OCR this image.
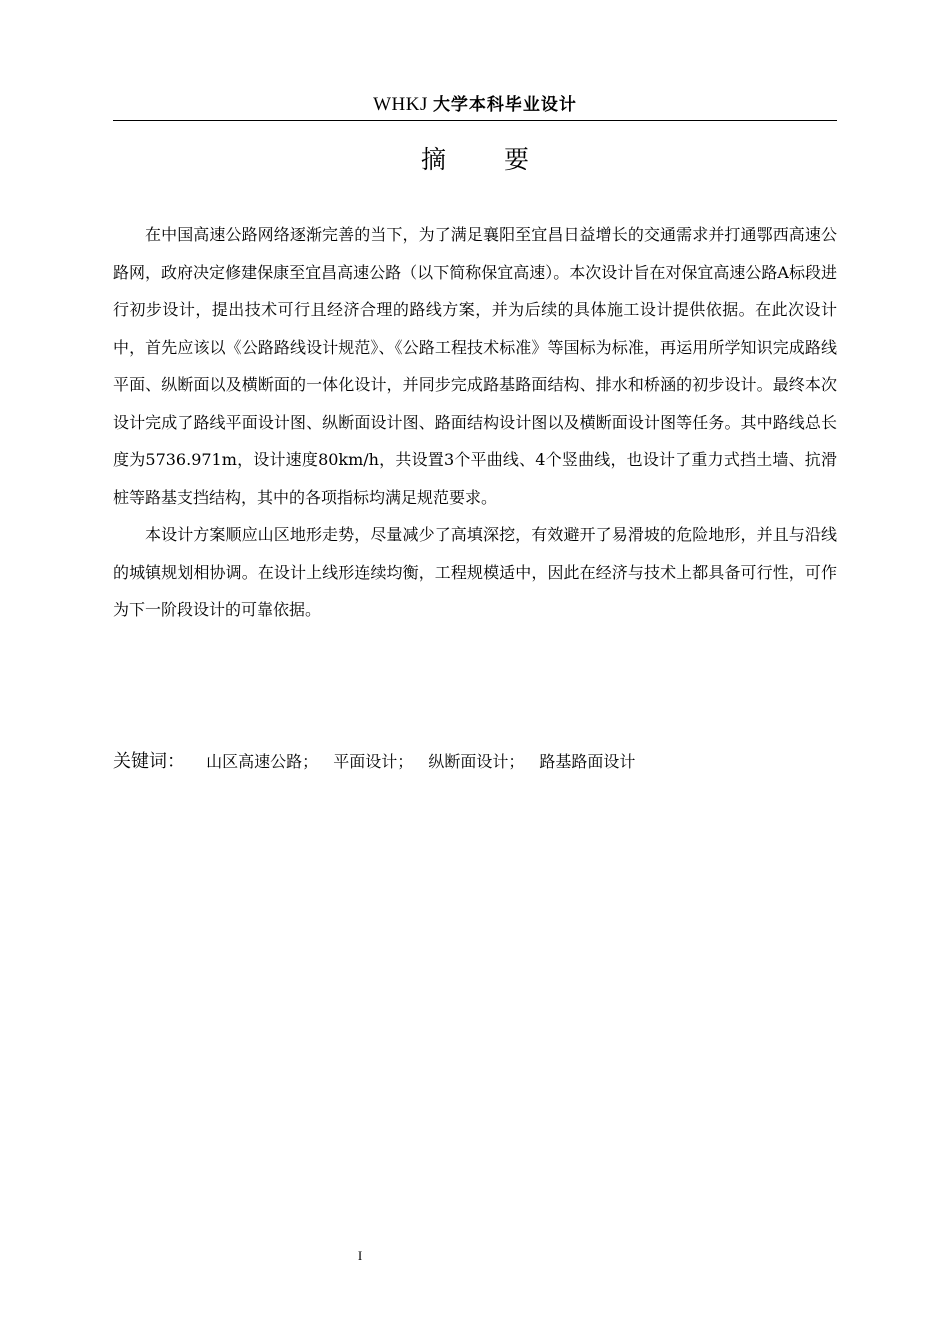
WHKJ 大学本科毕业设计
摘要

在中国高速公路网络逐渐完善的当下，为了满足襄阳至宜昌日益增长的交通需求并打通鄂西高速公路网，政府决定修建保康至宜昌高速公路（以下简称保宜高速）。本次设计旨在对保宜高速公路A标段进行初步设计，提出技术可行且经济合理的路线方案，并为后续的具体施工设计提供依据。在此次设计中，首先应该以《公路路线设计规范》、《公路工程技术标准》等国标为标准，再运用所学知识完成路线平面、纵断面以及横断面的一体化设计，并同步完成路基路面结构、排水和桥涵的初步设计。最终本次设计完成了路线平面设计图、纵断面设计图、路面结构设计图以及横断面设计图等任务。其中路线总长度为5736.971m，设计速度80km/h，共设置3个平曲线、4个竖曲线，也设计了重力式挡土墙、抗滑桩等路基支挡结构，其中的各项指标均满足规范要求。

本设计方案顺应山区地形走势，尽量减少了高填深挖，有效避开了易滑坡的危险地形，并且与沿线的城镇规划相协调。在设计上线形连续均衡，工程规模适中，因此在经济与技术上都具备可行性，可作为下一阶段设计的可靠依据。

关键词： 山区高速公路； 平面设计； 纵断面设计； 路基路面设计
I
